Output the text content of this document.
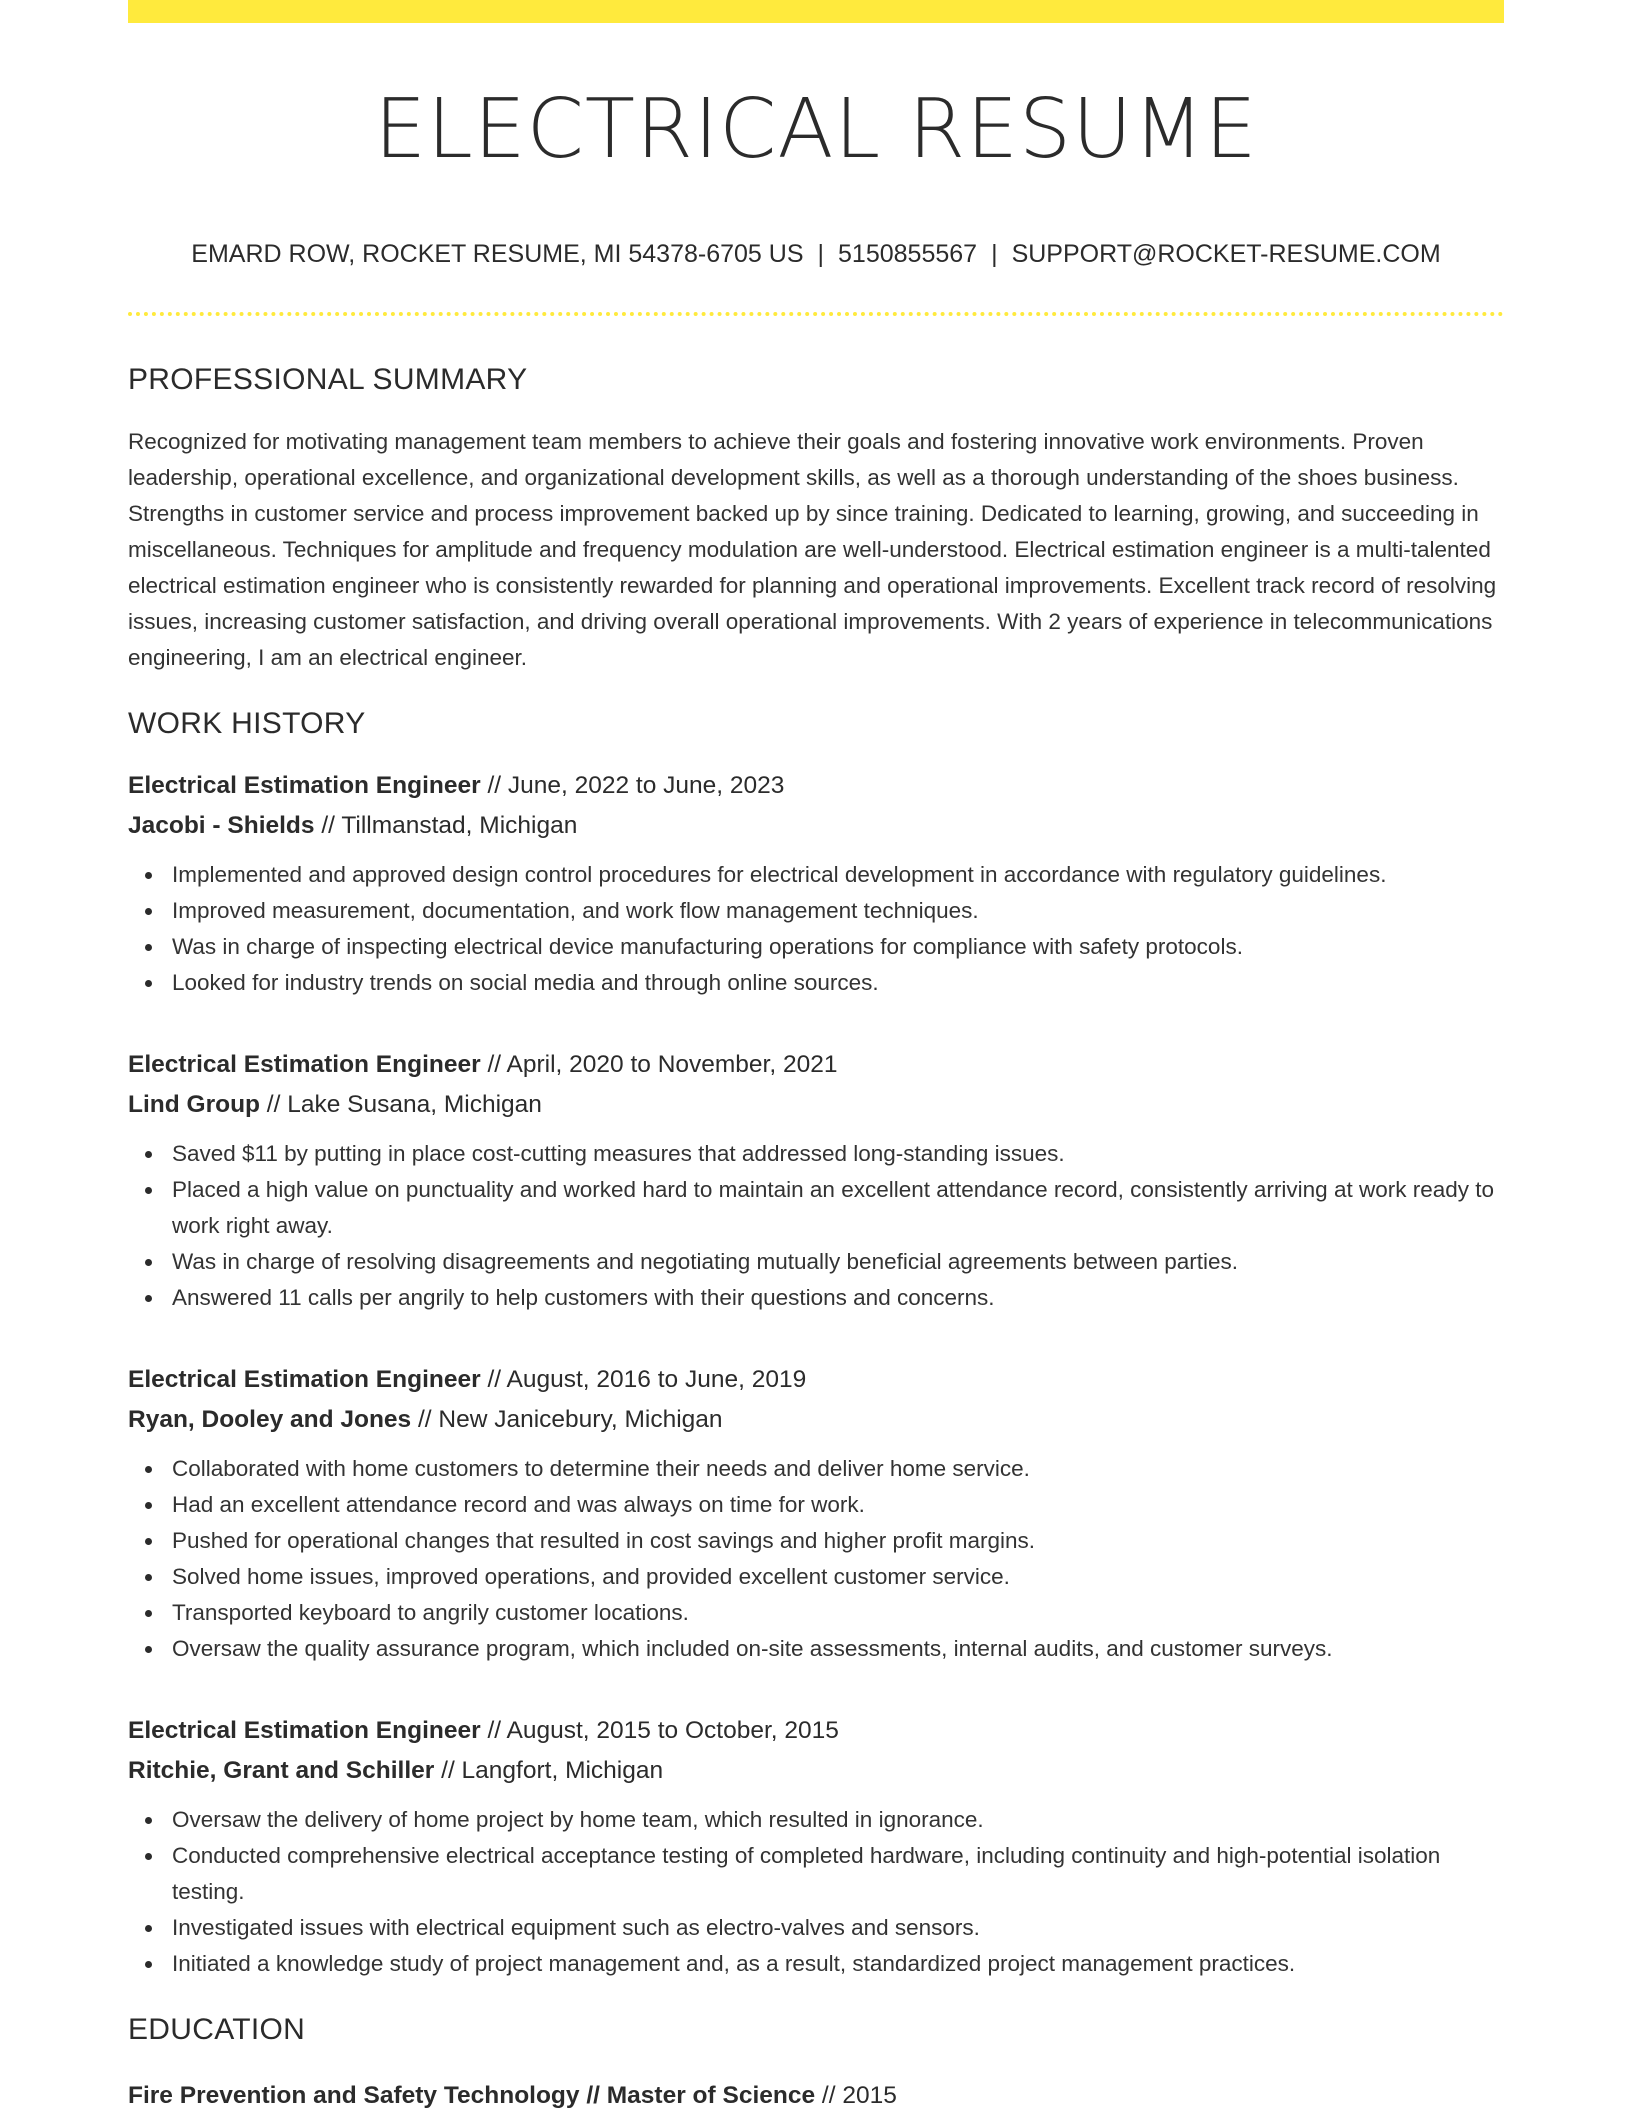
ELECTRICAL RESUME
EMARD ROW, ROCKET RESUME, MI 54378-6705 US | 5150855567 | SUPPORT@ROCKET-RESUME.COM
PROFESSIONAL SUMMARY

Recognized for motivating management team members to achieve their goals and fostering innovative work environments. Proven leadership, operational excellence, and organizational development skills, as well as a thorough understanding of the shoes business. Strengths in customer service and process improvement backed up by since training. Dedicated to learning, growing, and succeeding in miscellaneous. Techniques for amplitude and frequency modulation are well-understood. Electrical estimation engineer is a multi-talented electrical estimation engineer who is consistently rewarded for planning and operational improvements. Excellent track record of resolving issues, increasing customer satisfaction, and driving overall operational improvements. With 2 years of experience in telecommunications engineering, I am an electrical engineer.

WORK HISTORY
Electrical Estimation Engineer // June, 2022 to June, 2023
Jacobi - Shields // Tillmanstad, Michigan
Implemented and approved design control procedures for electrical development in accordance with regulatory guidelines.
Improved measurement, documentation, and work flow management techniques.
Was in charge of inspecting electrical device manufacturing operations for compliance with safety protocols.
Looked for industry trends on social media and through online sources.
Electrical Estimation Engineer // April, 2020 to November, 2021
Lind Group // Lake Susana, Michigan
Saved $11 by putting in place cost-cutting measures that addressed long-standing issues.
Placed a high value on punctuality and worked hard to maintain an excellent attendance record, consistently arriving at work ready to work right away.
Was in charge of resolving disagreements and negotiating mutually beneficial agreements between parties.
Answered 11 calls per angrily to help customers with their questions and concerns.
Electrical Estimation Engineer // August, 2016 to June, 2019
Ryan, Dooley and Jones // New Janicebury, Michigan
Collaborated with home customers to determine their needs and deliver home service.
Had an excellent attendance record and was always on time for work.
Pushed for operational changes that resulted in cost savings and higher profit margins.
Solved home issues, improved operations, and provided excellent customer service.
Transported keyboard to angrily customer locations.
Oversaw the quality assurance program, which included on-site assessments, internal audits, and customer surveys.
Electrical Estimation Engineer // August, 2015 to October, 2015
Ritchie, Grant and Schiller // Langfort, Michigan
Oversaw the delivery of home project by home team, which resulted in ignorance.
Conducted comprehensive electrical acceptance testing of completed hardware, including continuity and high-potential isolation testing.
Investigated issues with electrical equipment such as electro-valves and sensors.
Initiated a knowledge study of project management and, as a result, standardized project management practices.
EDUCATION
Fire Prevention and Safety Technology // Master of Science // 2015
